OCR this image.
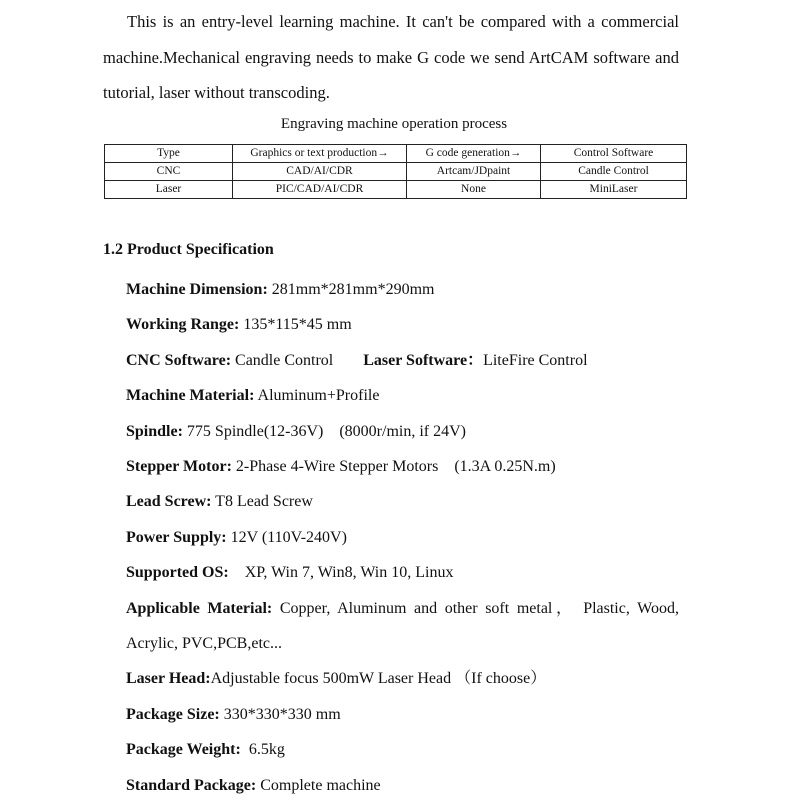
This is an entry-level learning machine. It can't be compared with a commercial machine.Mechanical engraving needs to make G code we send ArtCAM software and tutorial, laser without transcoding.

Engraving machine operation process

Type	Graphics or text production→	G code generation→	Control Software
CNC	CAD/AI/CDR	Artcam/JDpaint	Candle Control
Laser	PIC/CAD/AI/CDR	None	MiniLaser

1.2 Product Specification

Machine Dimension: 281mm*281mm*290mm
Working Range: 135*115*45 mm
CNC Software: Candle Control Laser Software：LiteFire Control
Machine Material: Aluminum+Profile
Spindle: 775 Spindle(12-36V)    (8000r/min, if 24V)
Stepper Motor: 2-Phase 4-Wire Stepper Motors    (1.3A 0.25N.m)
Lead Screw: T8 Lead Screw
Power Supply: 12V (110V-240V)
Supported OS:    XP, Win 7, Win8, Win 10, Linux
Applicable Material: Copper, Aluminum and other soft metal， Plastic, Wood, Acrylic, PVC,PCB,etc...
Laser Head:Adjustable focus 500mW Laser Head （If choose）
Package Size: 330*330*330 mm
Package Weight:  6.5kg
Standard Package: Complete machine
